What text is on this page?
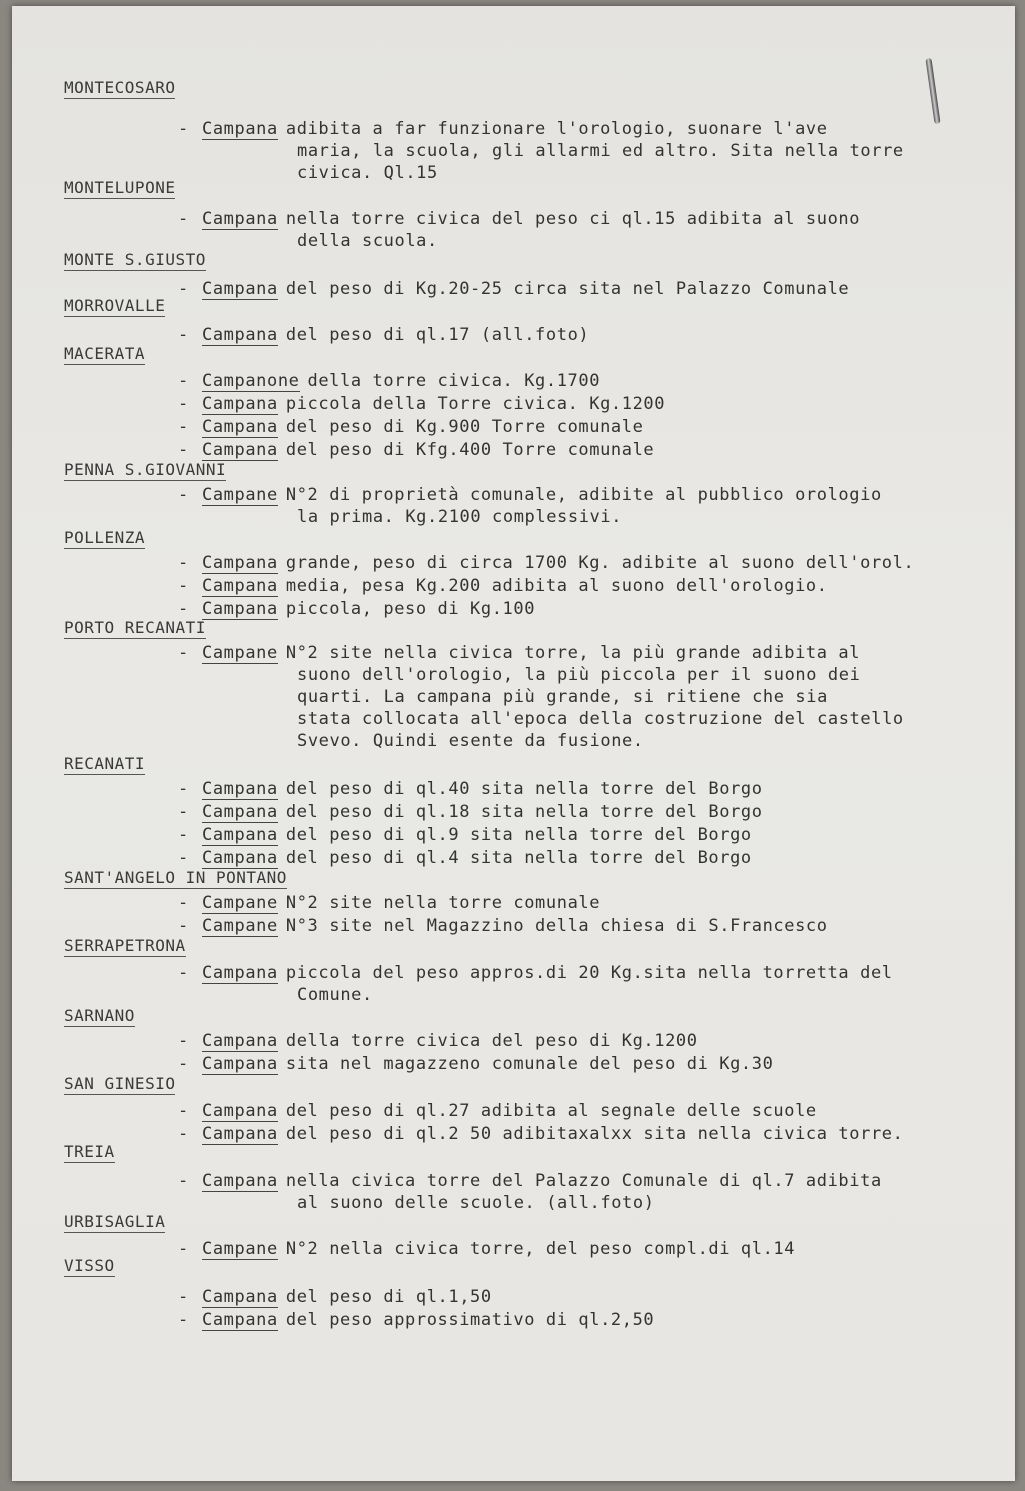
MONTECOSARO
- Campana adibita a far funzionare l'orologio, suonare l'ave
maria, la scuola, gli allarmi ed altro. Sita nella torre
civica. Ql.15
MONTELUPONE
- Campana nella torre civica del peso ci ql.15 adibita al suono
della scuola.
MONTE S.GIUSTO
- Campana del peso di Kg.20-25 circa sita nel Palazzo Comunale
MORROVALLE
- Campana del peso di ql.17 (all.foto)
MACERATA
- Campanone della torre civica. Kg.1700
- Campana piccola della Torre civica. Kg.1200
- Campana del peso di Kg.900 Torre comunale
- Campana del peso di Kfg.400 Torre comunale
PENNA S.GIOVANNI
- Campane N°2 di proprietà comunale, adibite al pubblico orologio
la prima. Kg.2100 complessivi.
POLLENZA
- Campana grande, peso di circa 1700 Kg. adibite al suono dell'orol.
- Campana media, pesa Kg.200 adibita al suono dell'orologio.
- Campana piccola, peso di Kg.100
PORTO RECANATI
- Campane N°2 site nella civica torre, la più grande adibita al
suono dell'orologio, la più piccola per il suono dei
quarti. La campana più grande, si ritiene che sia
stata collocata all'epoca della costruzione del castello
Svevo. Quindi esente da fusione.
RECANATI
- Campana del peso di ql.40 sita nella torre del Borgo
- Campana del peso di ql.18 sita nella torre del Borgo
- Campana del peso di ql.9 sita nella torre del Borgo
- Campana del peso di ql.4 sita nella torre del Borgo
SANT'ANGELO IN PONTANO
- Campane N°2 site nella torre comunale
- Campane N°3 site nel Magazzino della chiesa di S.Francesco
SERRAPETRONA
- Campana piccola del peso appros.di 20 Kg.sita nella torretta del
Comune.
SARNANO
- Campana della torre civica del peso di Kg.1200
- Campana sita nel magazzeno comunale del peso di Kg.30
SAN GINESIO
- Campana del peso di ql.27 adibita al segnale delle scuole
- Campana del peso di ql.2 50 adibitaxalxx sita nella civica torre.
TREIA
- Campana nella civica torre del Palazzo Comunale di ql.7 adibita
al suono delle scuole. (all.foto)
URBISAGLIA
- Campane N°2 nella civica torre, del peso compl.di ql.14
VISSO
- Campana del peso di ql.1,50
- Campana del peso approssimativo di ql.2,50
